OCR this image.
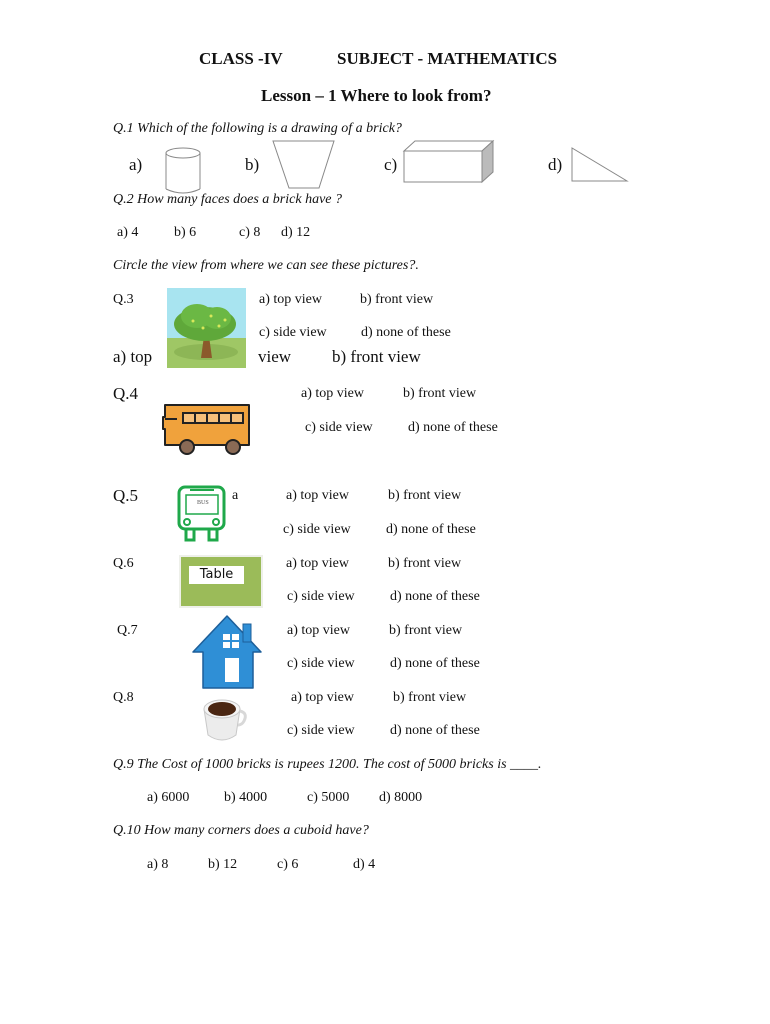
CLASS -IV	SUBJECT - MATHEMATICS
Lesson – 1 Where to look from?
Q.1 Which of the following is a drawing of a brick?
a)	b)	c)	d)
Q.2 How many faces does a brick have ?
a) 4	b) 6	c) 8 d) 12
Circle the view from where we can see these pictures?.
Q.3	a) top view	b) front view
c) side view d) none of these
a) top	view b) front view
Q.4	a) top view	b) front view
c) side view	d) none of these
Q.5	BUS a	a) top view	b) front view
c) side view	d) none of these
Q.6
Table
a) top view	b) front view
c) side view	d) none of these
Q.7	a) top view	b) front view
c) side view	d) none of these
Q.8	a) top view	b) front view
c) side view	d) none of these
Q.9 The Cost of 1000 bricks is rupees 1200. The cost of 5000 bricks is ____.
a) 6000 b) 4000	c) 5000 d) 8000
Q.10 How many corners does a cuboid have?
a) 8	b) 12	c) 6	d) 4
